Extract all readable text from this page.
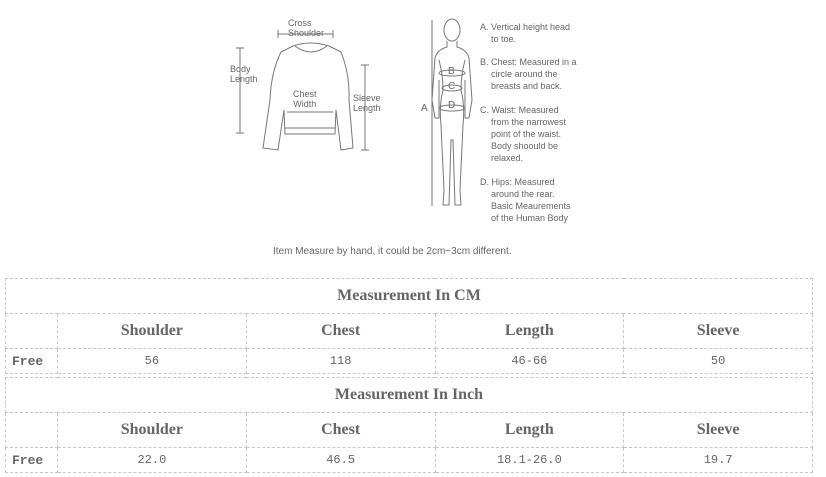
Cross
Shoulder
Body
Length
Chest
Width
Sleeve
Length	A
B
C
D
A. Vertical height head
to toe.
B. Chest: Measured in a
circle around the
breasts and back.
C. Waist: Measured
from the narrowest
point of the waist.
Body shoould be
relaxed.
D. Hips: Measured
around the rear.
Basic Meaurements
of the Human Body
Item Measure by hand, it could be 2cm~3cm different.
Measurement In CM				
	Shoulder	Chest	Length	Sleeve
Free	56	118	46-66	50
Measurement In Inch				
	Shoulder	Chest	Length	Sleeve
Free	22.0	46.5	18.1-26.0	19.7
